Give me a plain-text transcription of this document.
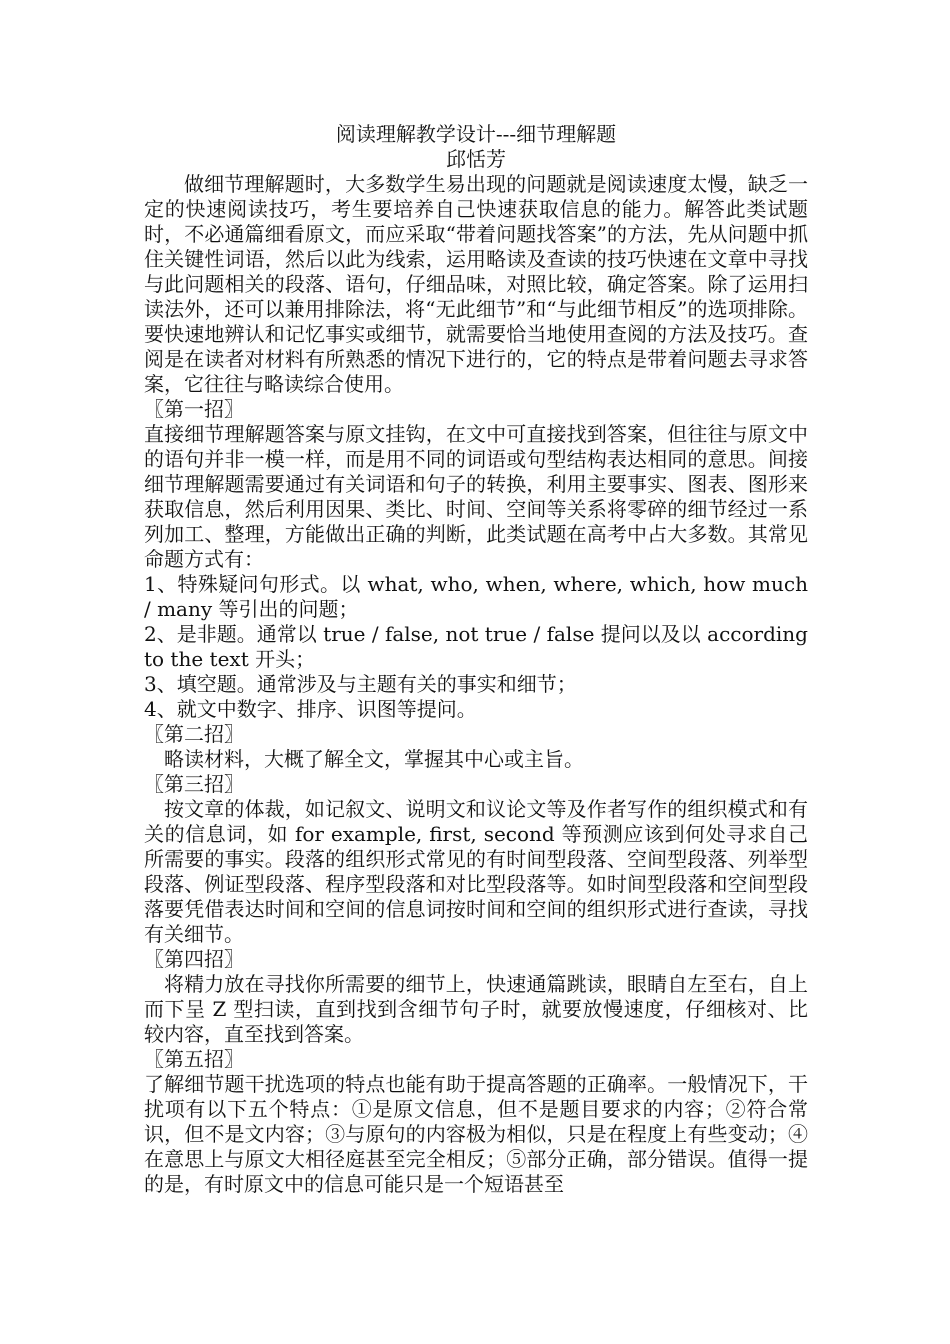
阅读理解教学设计---细节理解题

邱恬芳

做细节理解题时，大多数学生易出现的问题就是阅读速度太慢，缺乏一定的快速阅读技巧，考生要培养自己快速获取信息的能力。解答此类试题时，不必通篇细看原文，而应采取“带着问题找答案”的方法，先从问题中抓住关键性词语，然后以此为线索，运用略读及查读的技巧快速在文章中寻找与此问题相关的段落、语句，仔细品味，对照比较，确定答案。除了运用扫读法外，还可以兼用排除法，将“无此细节”和“与此细节相反”的选项排除。要快速地辨认和记忆事实或细节，就需要恰当地使用查阅的方法及技巧。查阅是在读者对材料有所熟悉的情况下进行的，它的特点是带着问题去寻求答案，它往往与略读综合使用。

〖第一招〗

直接细节理解题答案与原文挂钩，在文中可直接找到答案，但往往与原文中的语句并非一模一样，而是用不同的词语或句型结构表达相同的意思。间接细节理解题需要通过有关词语和句子的转换，利用主要事实、图表、图形来获取信息，然后利用因果、类比、时间、空间等关系将零碎的细节经过一系列加工、整理，方能做出正确的判断，此类试题在高考中占大多数。其常见命题方式有：

1、特殊疑问句形式。以 what, who, when, where, which, how much / many 等引出的问题；

2、是非题。通常以 true / false, not true / false 提问以及以 according to the text 开头；

3、填空题。通常涉及与主题有关的事实和细节；

4、就文中数字、排序、识图等提问。

〖第二招〗

略读材料，大概了解全文，掌握其中心或主旨。

〖第三招〗

按文章的体裁，如记叙文、说明文和议论文等及作者写作的组织模式和有关的信息词，如 for example, first, second 等预测应该到何处寻求自己所需要的事实。段落的组织形式常见的有时间型段落、空间型段落、列举型段落、例证型段落、程序型段落和对比型段落等。如时间型段落和空间型段落要凭借表达时间和空间的信息词按时间和空间的组织形式进行查读，寻找有关细节。

〖第四招〗

将精力放在寻找你所需要的细节上，快速通篇跳读，眼睛自左至右，自上而下呈 Z 型扫读，直到找到含细节句子时，就要放慢速度，仔细核对、比较内容，直至找到答案。

〖第五招〗

了解细节题干扰选项的特点也能有助于提高答题的正确率。一般情况下，干扰项有以下五个特点：①是原文信息，但不是题目要求的内容；②符合常识，但不是文内容；③与原句的内容极为相似，只是在程度上有些变动；④在意思上与原文大相径庭甚至完全相反；⑤部分正确，部分错误。值得一提的是，有时原文中的信息可能只是一个短语甚至
